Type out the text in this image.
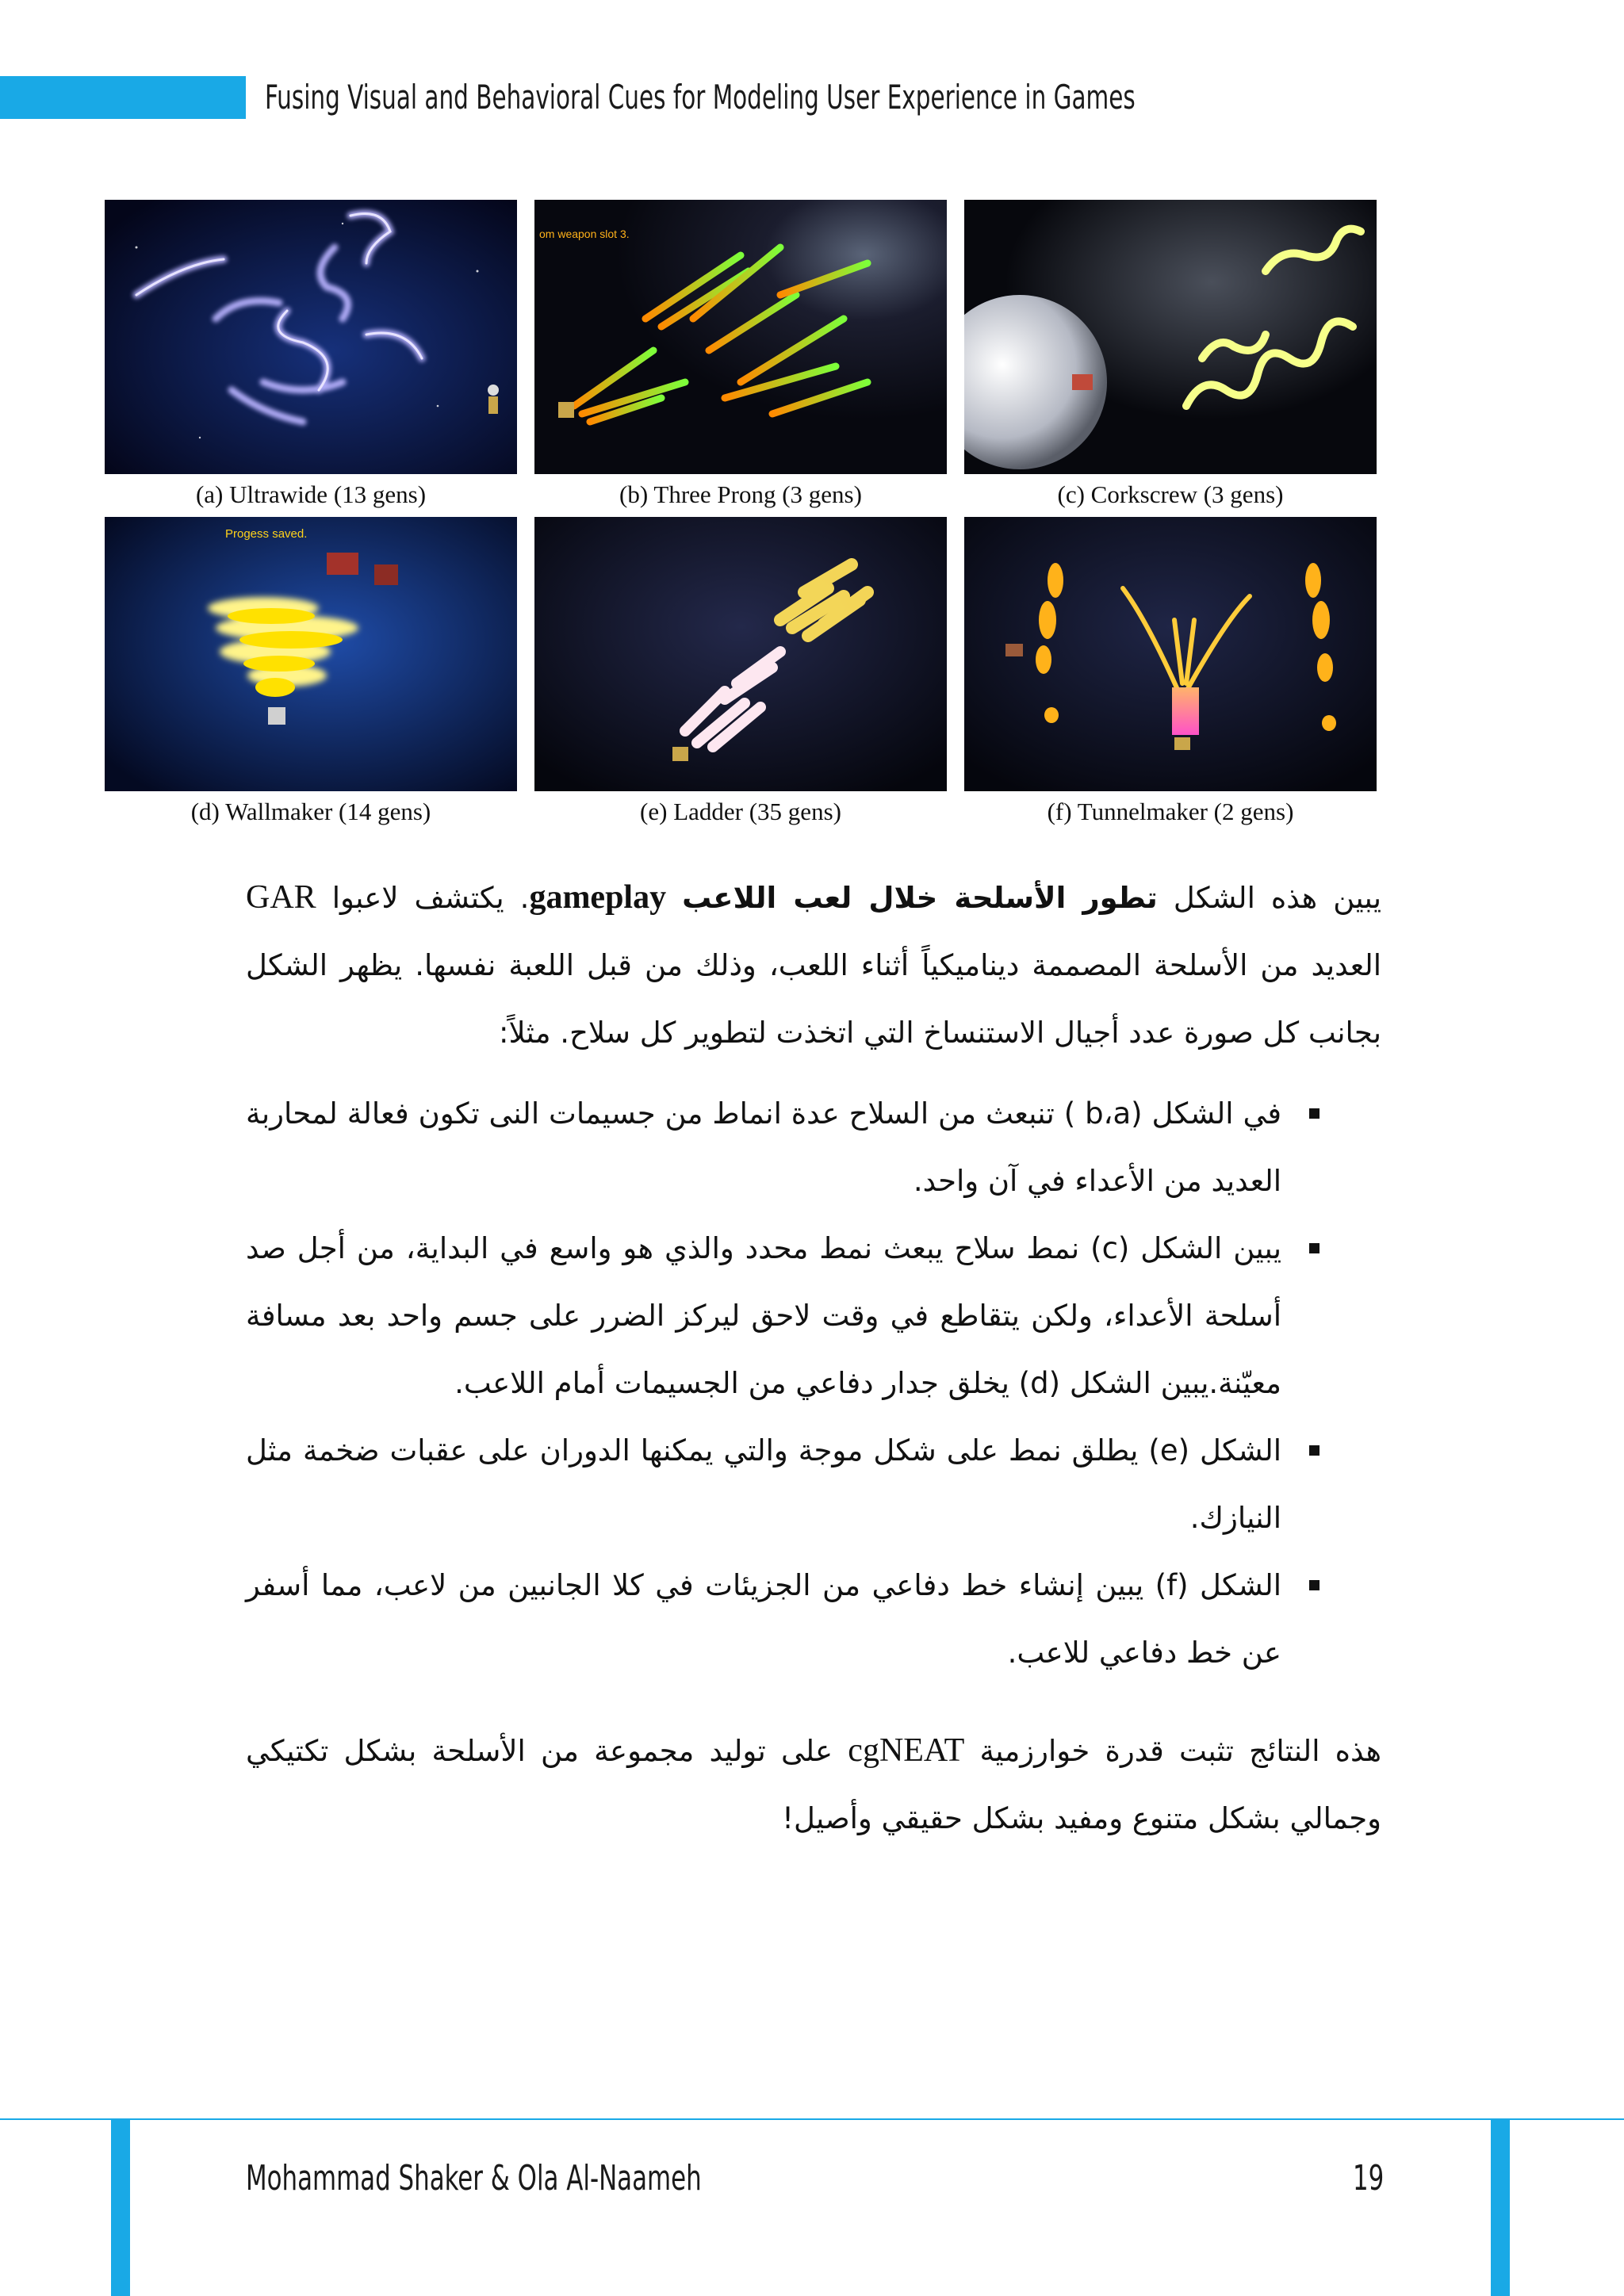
Fusing Visual and Behavioral Cues for Modeling User Experience in Games
(a) Ultrawide (13 gens)
om weapon slot 3.
(b) Three Prong (3 gens)	(c) Corkscrew (3 gens)
Progess saved.
(d) Wallmaker (14 gens)	(e) Ladder (35 gens)	(f) Tunnelmaker (2 gens)
يبين هذه الشكل تطور الأسلحة خلال لعب اللاعب gameplay. يكتشف لاعبوا GAR العديد من الأسلحة المصممة ديناميكياً أثناء اللعب، وذلك من قبل اللعبة نفسها. يظهر الشكل بجانب كل صورة عدد أجيال الاستنساخ التي اتخذت لتطوير كل سلاح. مثلاً:
في الشكل (b،a ) تنبعث من السلاح عدة انماط من جسيمات النى تكون فعالة لمحاربة العديد من الأعداء في آن واحد.
يبين الشكل (c) نمط سلاح يبعث نمط محدد والذي هو واسع في البداية، من أجل صد أسلحة الأعداء، ولكن يتقاطع في وقت لاحق ليركز الضرر على جسم واحد بعد مسافة معيّنة.يبين الشكل (d) يخلق جدار دفاعي من الجسيمات أمام اللاعب.
الشكل (e) يطلق نمط على شكل موجة والتي يمكنها الدوران على عقبات ضخمة مثل النيازك.
الشكل (f) يبين إنشاء خط دفاعي من الجزيئات في كلا الجانبين من لاعب، مما أسفر عن خط دفاعي للاعب.
هذه النتائج تثبت قدرة خوارزمية cgNEAT على توليد مجموعة من الأسلحة بشكل تكتيكي وجمالي بشكل متنوع ومفيد بشكل حقيقي وأصيل!
Mohammad Shaker & Ola Al-Naameh	19
